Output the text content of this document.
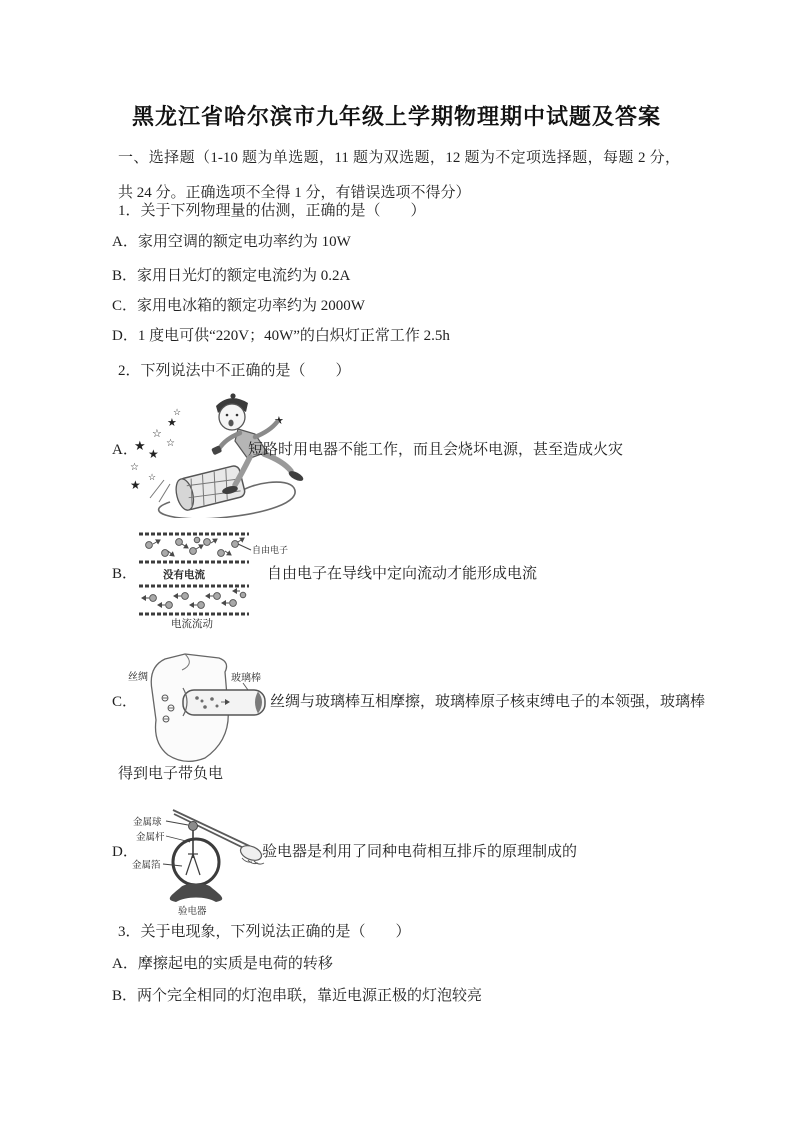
黑龙江省哈尔滨市九年级上学期物理期中试题及答案

一、选择题（1-10 题为单选题，11 题为双选题，12 题为不定项选择题，每题 2 分，共 24 分。正确选项不全得 1 分，有错误选项不得分）

1．关于下列物理量的估测，正确的是（　　）
A．家用空调的额定电功率约为 10W
B．家用日光灯的额定电流约为 0.2A
C．家用电冰箱的额定功率约为 2000W
D．1 度电可供“220V；40W”的白炽灯正常工作 2.5h
2．下列说法中不正确的是（　　）
A．
★
☆
★
☆
★
☆
★
☆
☆
★
短路时用电器不能工作，而且会烧坏电源，甚至造成火灾
B．
自由电子
没有电流
电流流动
自由电子在导线中定向流动才能形成电流
C．
丝绸	玻璃棒
丝绸与玻璃棒互相摩擦，玻璃棒原子核束缚电子的本领强，玻璃棒
得到电子带负电
D．
金属球
金属杆
金属箔
验电器
验电器是利用了同种电荷相互排斥的原理制成的
3．关于电现象，下列说法正确的是（　　）
A．摩擦起电的实质是电荷的转移
B．两个完全相同的灯泡串联，靠近电源正极的灯泡较亮
